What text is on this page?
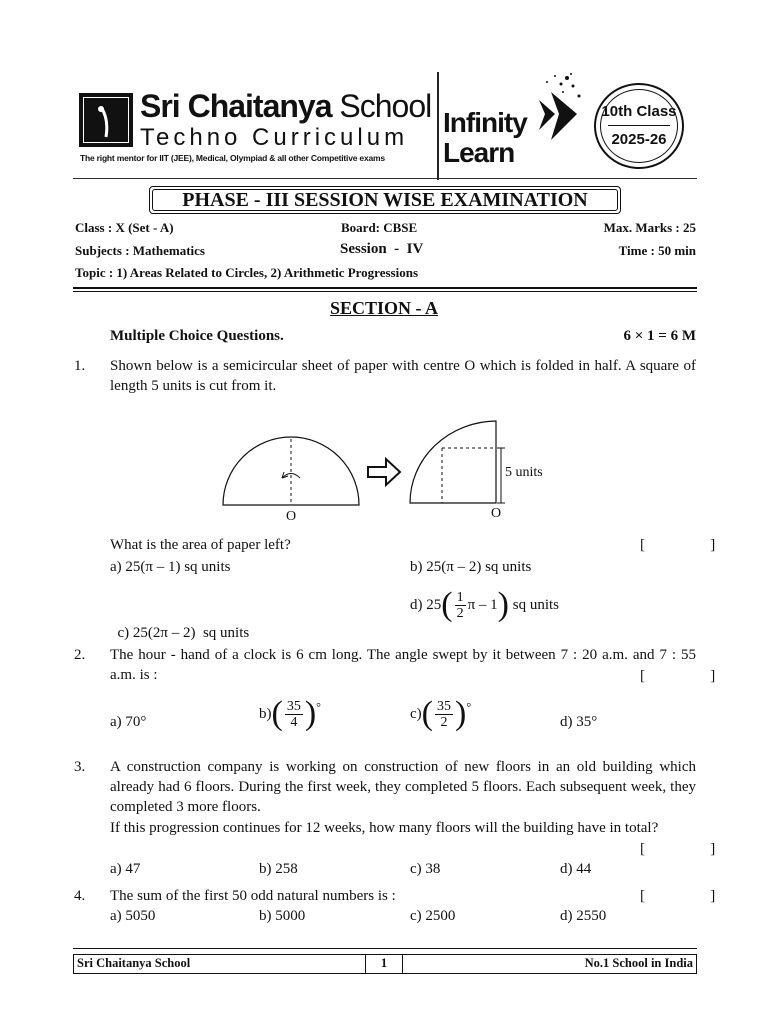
Sri Chaitanya School
Techno Curriculum
The right mentor for IIT (JEE), Medical, Olympiad & all other Competitive exams
Infinity
Learn
10th Class
2025-26
PHASE - III SESSION WISE EXAMINATION
Class : X (Set - A)	Board: CBSE	Max. Marks : 25
Subjects : Mathematics	Session  -  IV	Time : 50 min
Topic : 1) Areas Related to Circles, 2) Arithmetic Progressions
SECTION - A
Multiple Choice Questions.	6 × 1 = 6 M
1. Shown below is a semicircular sheet of paper with centre O which is folded in half. A square of length 5 units is cut from it.
O	O
5 units
What is the area of paper left?	[   ]
a) 25(π – 1) sq units	b) 25(π – 2) sq units

c) 25(2π – 2)  sq units

d) $25( \frac{1}{2}$ π – 1) sq units
2. The hour - hand of a clock is 6 cm long. The angle swept by it between 7 : 20 a.m. and 7 : 55 a.m. is :	[   ]
a) 70°	$b)( \frac{35}{4} )^\circ$	$c)( \frac{35}{2} )^\circ$
d) 35°
3. A construction company is working on construction of new floors in an old building which already had 6 floors. During the first week, they completed 5 floors. Each subsequent week, they completed 3 more floors.
If this progression continues for 12 weeks, how many floors will the building have in total?
[   ]
a) 47	b) 258	c) 38	d) 44
4. The sum of the first 50 odd natural numbers is :	[   ]
a) 5050	b) 5000	c) 2500	d) 2550
Sri Chaitanya School	1	No.1 School in India
